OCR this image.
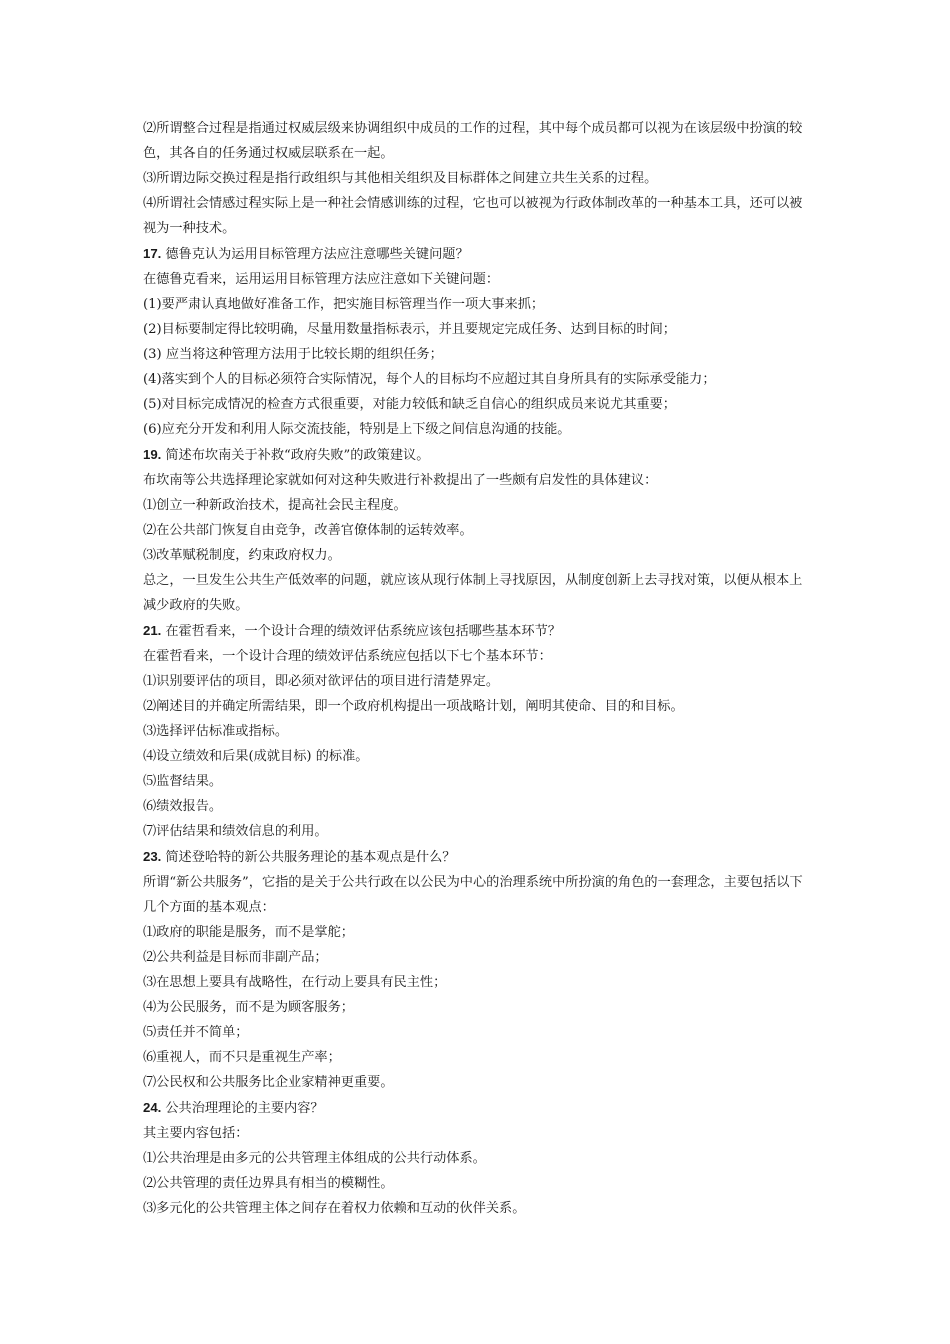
⑵所谓整合过程是指通过权威层级来协调组织中成员的工作的过程，其中每个成员都可以视为在该层级中扮演的较色，其各自的任务通过权威层联系在一起。
⑶所谓边际交换过程是指行政组织与其他相关组织及目标群体之间建立共生关系的过程。
⑷所谓社会情感过程实际上是一种社会情感训练的过程，它也可以被视为行政体制改革的一种基本工具，还可以被视为一种技术。
17. 德鲁克认为运用目标管理方法应注意哪些关键问题？
在德鲁克看来，运用运用目标管理方法应注意如下关键问题：
(1)要严肃认真地做好准备工作，把实施目标管理当作一项大事来抓；
(2)目标要制定得比较明确，尽量用数量指标表示，并且要规定完成任务、达到目标的时间；
(3) 应当将这种管理方法用于比较长期的组织任务；
(4)落实到个人的目标必须符合实际情况，每个人的目标均不应超过其自身所具有的实际承受能力；
(5)对目标完成情况的检查方式很重要，对能力较低和缺乏自信心的组织成员来说尤其重要；
(6)应充分开发和利用人际交流技能，特别是上下级之间信息沟通的技能。
19. 简述布坎南关于补救“政府失败”的政策建议。
布坎南等公共选择理论家就如何对这种失败进行补救提出了一些颇有启发性的具体建议：
⑴创立一种新政治技术，提高社会民主程度。
⑵在公共部门恢复自由竞争，改善官僚体制的运转效率。
⑶改革赋税制度，约束政府权力。
总之，一旦发生公共生产低效率的问题，就应该从现行体制上寻找原因，从制度创新上去寻找对策，以便从根本上减少政府的失败。
21. 在霍哲看来，一个设计合理的绩效评估系统应该包括哪些基本环节？
在霍哲看来，一个设计合理的绩效评估系统应包括以下七个基本环节：
⑴识别要评估的项目，即必须对欲评估的项目进行清楚界定。
⑵阐述目的并确定所需结果，即一个政府机构提出一项战略计划，阐明其使命、目的和目标。
⑶选择评估标准或指标。
⑷设立绩效和后果(成就目标) 的标准。
⑸监督结果。
⑹绩效报告。
⑺评估结果和绩效信息的利用。
23. 简述登哈特的新公共服务理论的基本观点是什么？
所谓“新公共服务”，它指的是关于公共行政在以公民为中心的治理系统中所扮演的角色的一套理念，主要包括以下几个方面的基本观点：
⑴政府的职能是服务，而不是掌舵；
⑵公共利益是目标而非副产品；
⑶在思想上要具有战略性，在行动上要具有民主性；
⑷为公民服务，而不是为顾客服务；
⑸责任并不简单；
⑹重视人，而不只是重视生产率；
⑺公民权和公共服务比企业家精神更重要。
24. 公共治理理论的主要内容？
其主要内容包括：
⑴公共治理是由多元的公共管理主体组成的公共行动体系。
⑵公共管理的责任边界具有相当的模糊性。
⑶多元化的公共管理主体之间存在着权力依赖和互动的伙伴关系。
